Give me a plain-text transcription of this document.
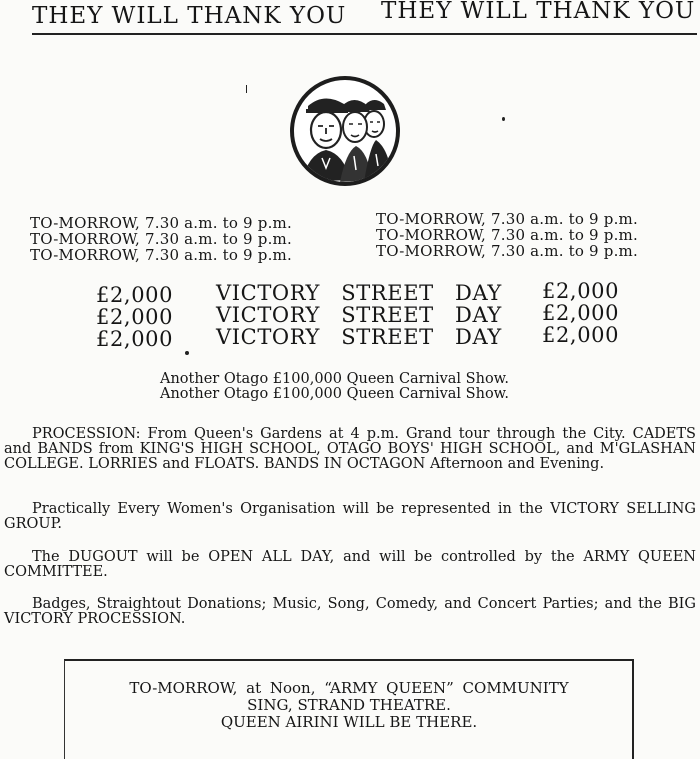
THEY WILL THANK YOU THEY WILL THANK YOU
TO-MORROW, 7.30 a.m. to 9 p.m.
TO-MORROW, 7.30 a.m. to 9 p.m.
TO-MORROW, 7.30 a.m. to 9 p.m.
TO-MORROW, 7.30 a.m. to 9 p.m.
TO-MORROW, 7.30 a.m. to 9 p.m.
TO-MORROW, 7.30 a.m. to 9 p.m.
£2,000
£2,000
£2,000
VICTORY STREET DAY
VICTORY STREET DAY
VICTORY STREET DAY
£2,000
£2,000
£2,000
Another Otago £100,000 Queen Carnival Show.
Another Otago £100,000 Queen Carnival Show.
PROCESSION: From Queen's Gardens at 4 p.m. Grand tour through the City. CADETS and BANDS from KING'S HIGH SCHOOL, OTAGO BOYS' HIGH SCHOOL, and M'GLASHAN COLLEGE. LORRIES and FLOATS. BANDS IN OCTAGON Afternoon and Evening.
Practically Every Women's Organisation will be represented in the VICTORY SELLING GROUP.
The DUGOUT will be OPEN ALL DAY, and will be controlled by the ARMY QUEEN COMMITTEE.
Badges, Straightout Donations; Music, Song, Comedy, and Concert Parties; and the BIG VICTORY PROCESSION.
TO-MORROW, at Noon, “ARMY QUEEN” COMMUNITY
SING, STRAND THEATRE.
QUEEN AIRINI WILL BE THERE.
